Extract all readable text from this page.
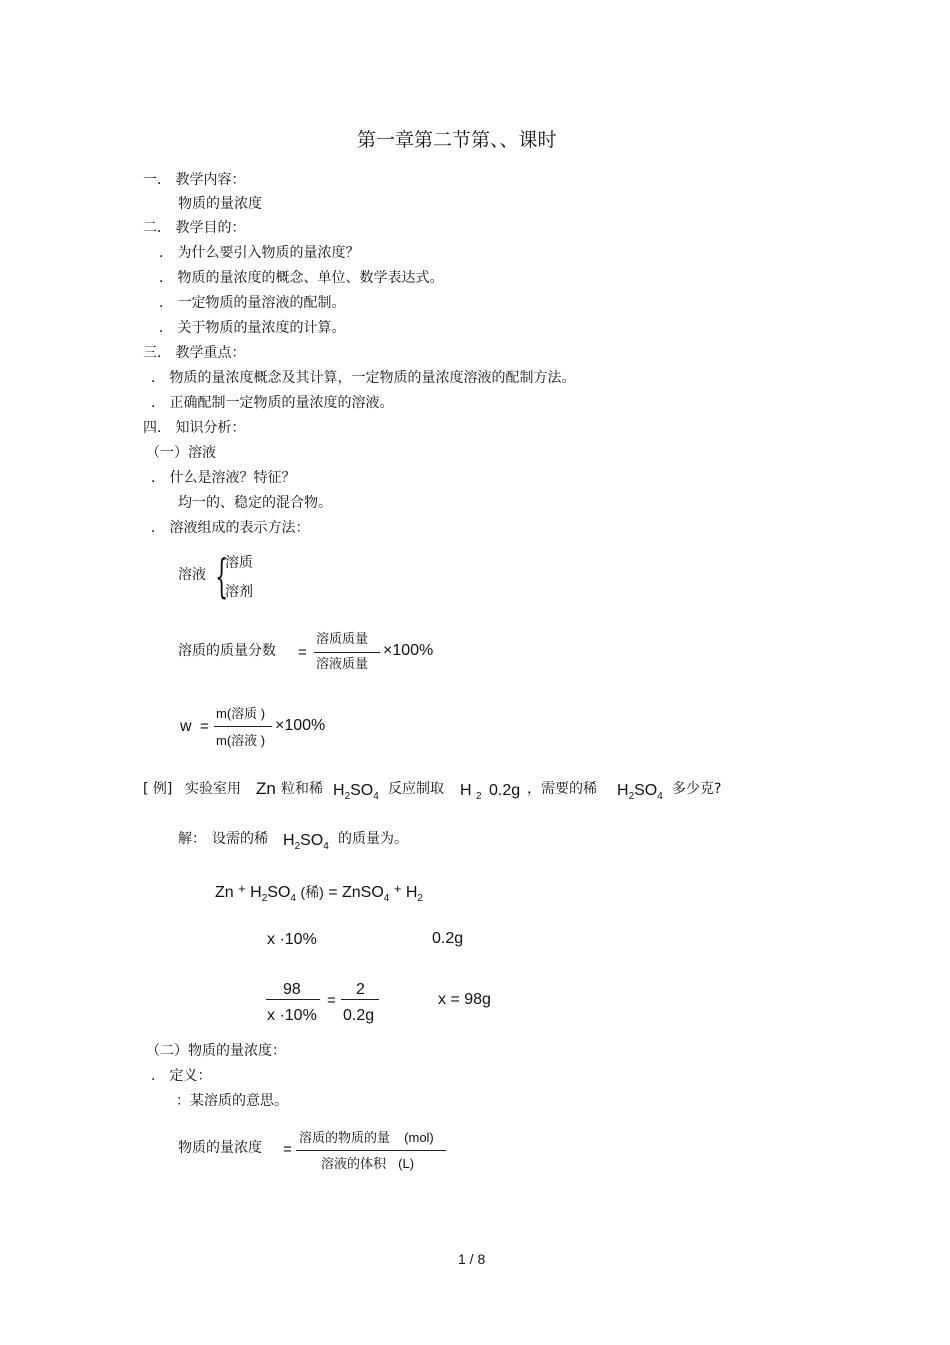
第一章第二节第、、课时
一． 教学内容：
物质的量浓度
二． 教学目的：
． 为什么要引入物质的量浓度？
． 物质的量浓度的概念、单位、数学表达式。
． 一定物质的量溶液的配制。
． 关于物质的量浓度的计算。
三． 教学重点：
． 物质的量浓度概念及其计算，一定物质的量浓度溶液的配制方法。
． 正确配制一定物质的量浓度的溶液。
四． 知识分析：
（一）溶液
． 什么是溶液？特征？
均一的、稳定的混合物。
． 溶液组成的表示方法：
溶液 {
溶质
溶剂
溶质的质量分数 =
溶质质量
溶液质量
×100%
w =
m(溶质 )
m(溶液 )
×100%
[ 例] 实验室用 Zn 粒和稀 $H_2SO_4$ 反应制取 H $_2$ 0.2g ，需要的稀 $H_2SO_4$ 多少克?
解： 设需的稀 $H_2SO_4$ 的质量为。
Zn + $H_2SO_4$ (稀) = ZnSO$_4$ + $H_2$
x ·10%	0.2g
98
x ·10%
=
2
0.2g
x = 98g
（二）物质的量浓度：
． 定义：
：某溶质的意思。
物质的量浓度 =
溶质的物质的量 (mol)
溶液的体积 (L)
1 / 8
